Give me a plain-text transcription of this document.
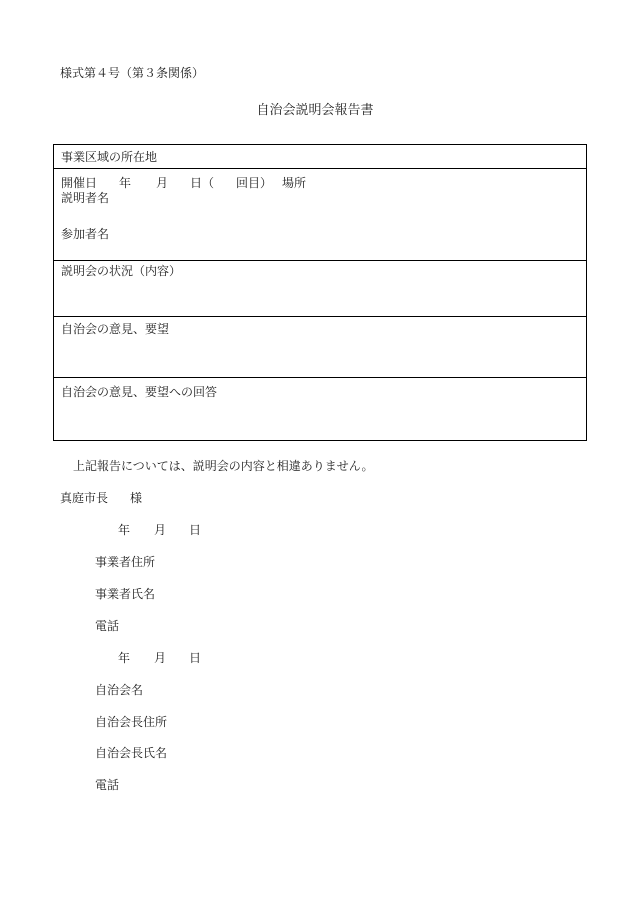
様式第４号（第３条関係）
自治会説明会報告書
事業区域の所在地
開催日 年 月 日（ 回目） 場所
説明者名
参加者名
説明会の状況（内容）
自治会の意見、要望
自治会の意見、要望への回答
上記報告については、説明会の内容と相違ありません。
真庭市長 様
年 月 日
事業者住所
事業者氏名
電話
年 月 日
自治会名
自治会長住所
自治会長氏名
電話
